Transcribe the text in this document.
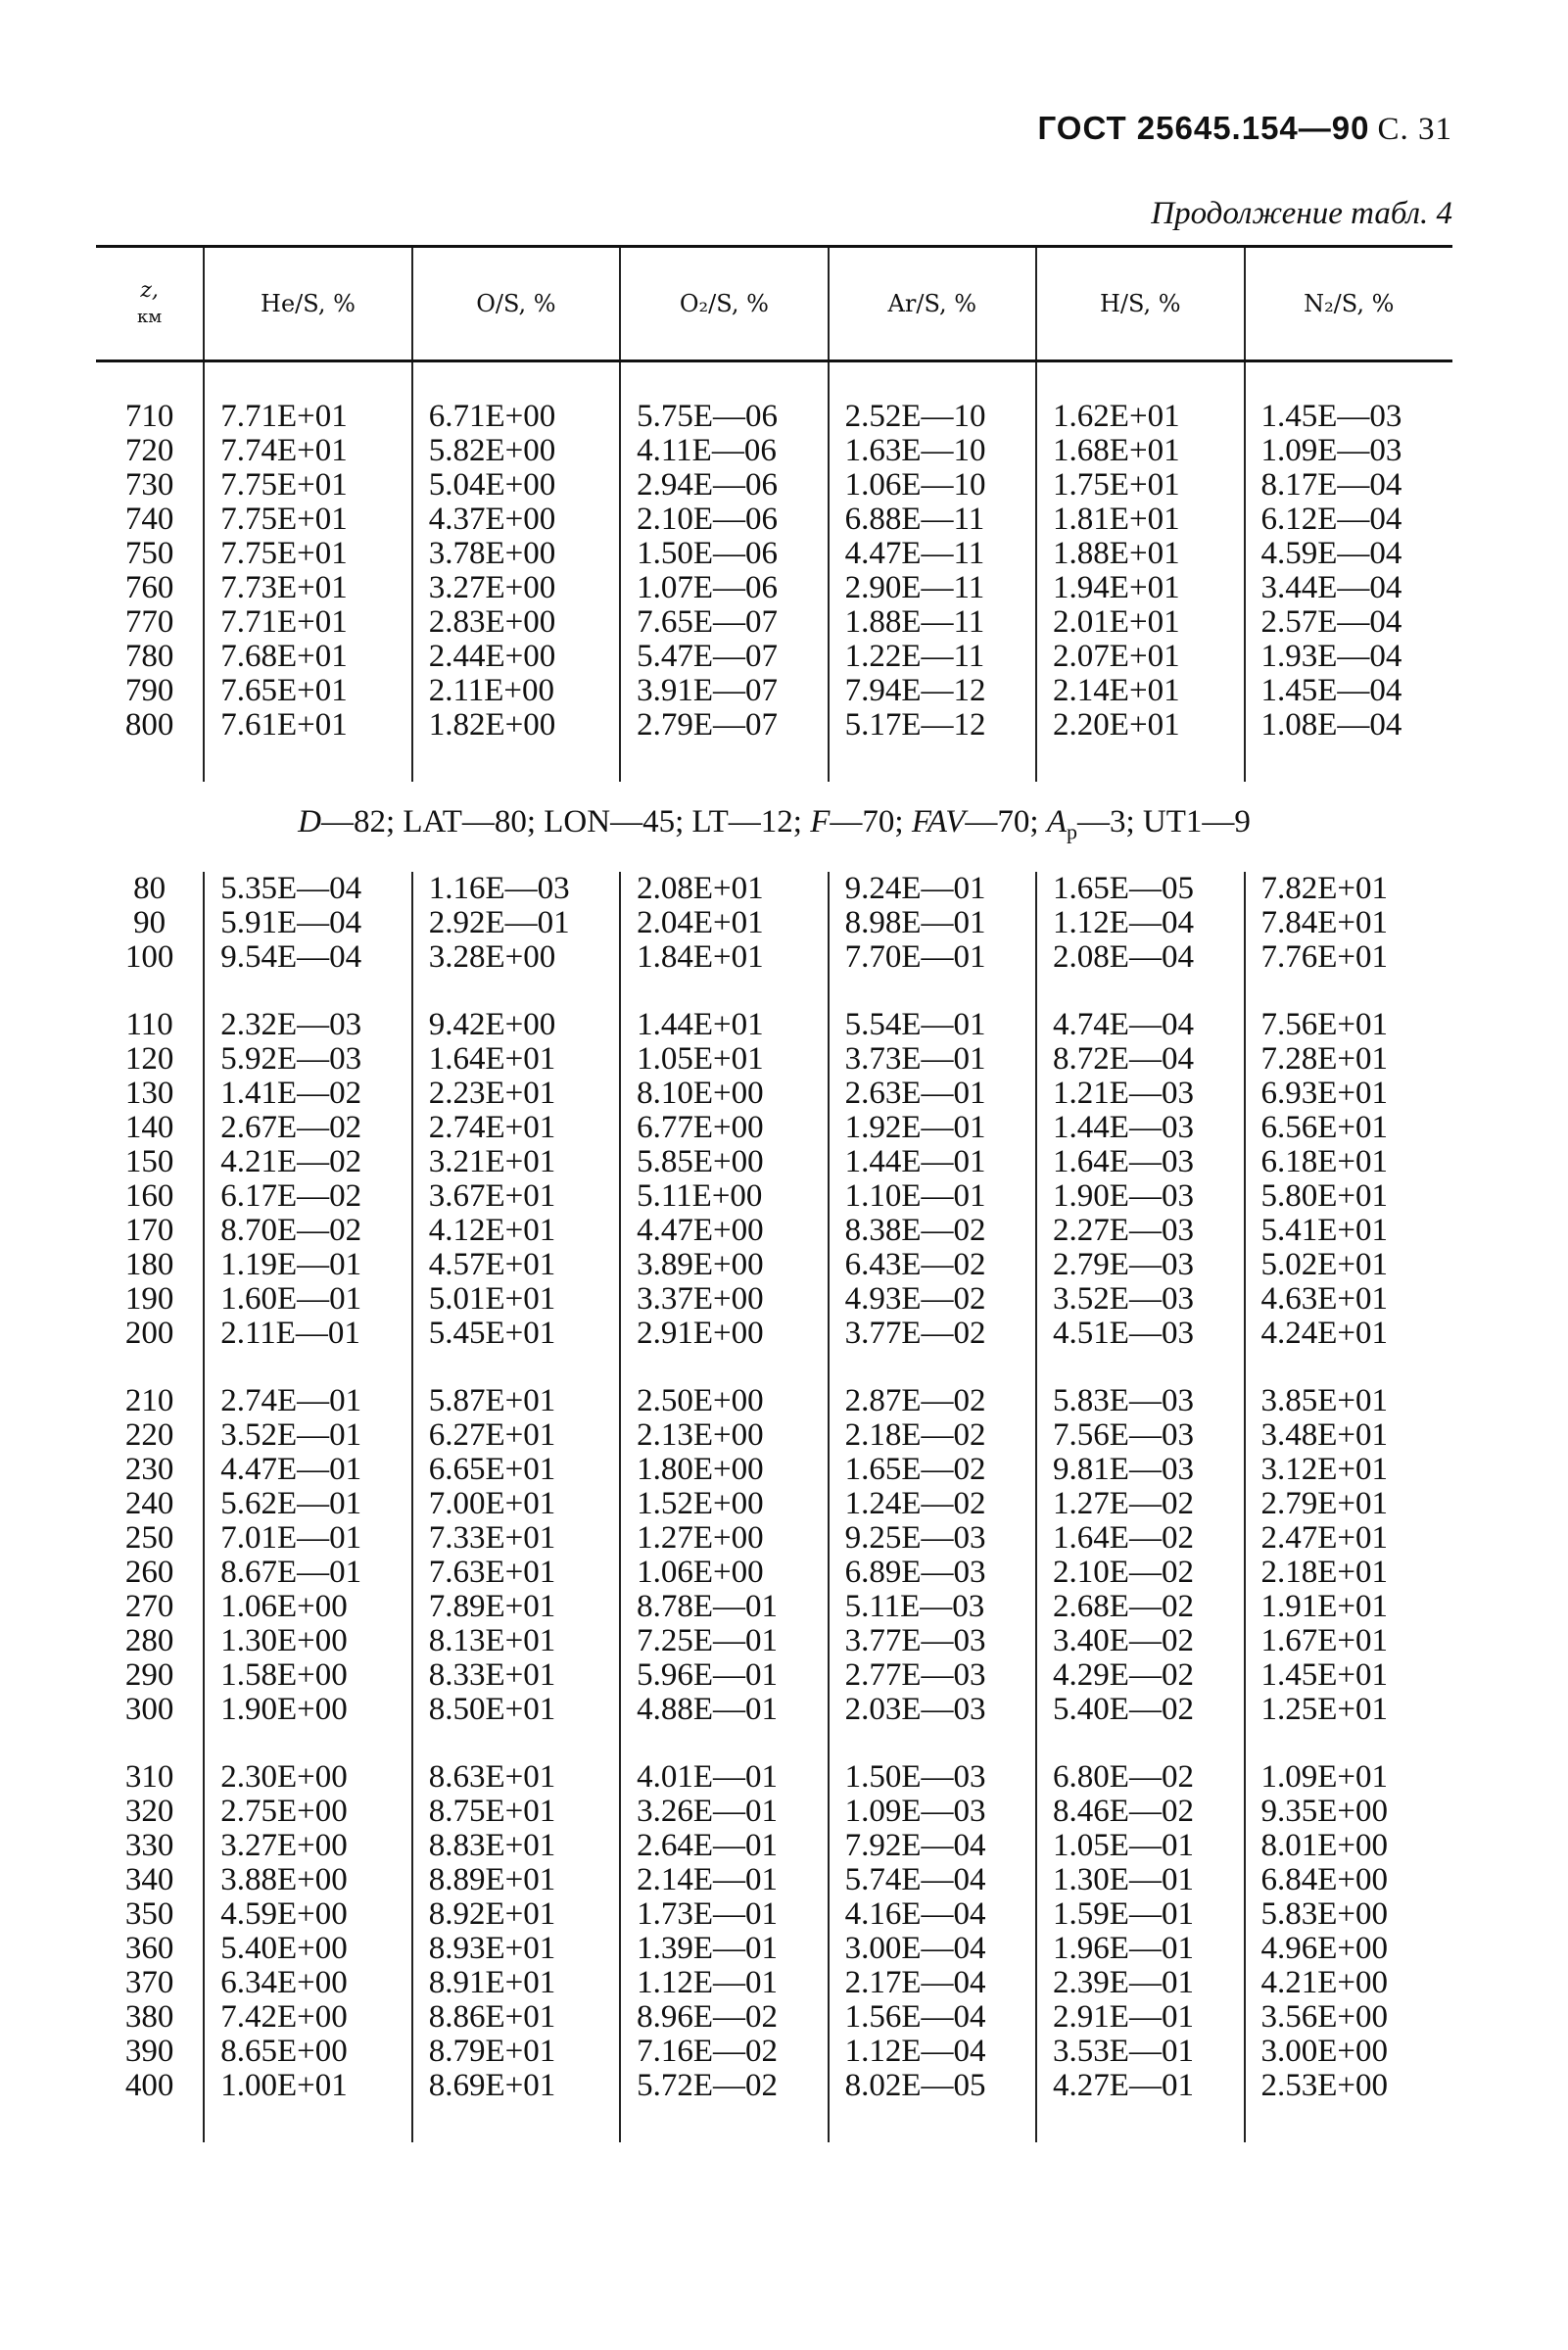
ГОСТ 25645.154—90 С. 31
Продолжение табл. 4
z,
км	He/S, %	O/S, %	O₂/S, %	Ar/S, %	H/S, %	N₂/S, %

710	7.71E+01	6.71E+00	5.75E—06	2.52E—10	1.62E+01	1.45E—03
720	7.74E+01	5.82E+00	4.11E—06	1.63E—10	1.68E+01	1.09E—03
730	7.75E+01	5.04E+00	2.94E—06	1.06E—10	1.75E+01	8.17E—04
740	7.75E+01	4.37E+00	2.10E—06	6.88E—11	1.81E+01	6.12E—04
750	7.75E+01	3.78E+00	1.50E—06	4.47E—11	1.88E+01	4.59E—04
760	7.73E+01	3.27E+00	1.07E—06	2.90E—11	1.94E+01	3.44E—04
770	7.71E+01	2.83E+00	7.65E—07	1.88E—11	2.01E+01	2.57E—04
780	7.68E+01	2.44E+00	5.47E—07	1.22E—11	2.07E+01	1.93E—04
790	7.65E+01	2.11E+00	3.91E—07	7.94E—12	2.14E+01	1.45E—04
800	7.61E+01	1.82E+00	2.79E—07	5.17E—12	2.20E+01	1.08E—04

D—82; LAT—80; LON—45; LT—12; F—70; FAV—70; $A_p—3$; UT1—9						
80	5.35E—04	1.16E—03	2.08E+01	9.24E—01	1.65E—05	7.82E+01
90	5.91E—04	2.92E—01	2.04E+01	8.98E—01	1.12E—04	7.84E+01
100	9.54E—04	3.28E+00	1.84E+01	7.70E—01	2.08E—04	7.76E+01

110	2.32E—03	9.42E+00	1.44E+01	5.54E—01	4.74E—04	7.56E+01
120	5.92E—03	1.64E+01	1.05E+01	3.73E—01	8.72E—04	7.28E+01
130	1.41E—02	2.23E+01	8.10E+00	2.63E—01	1.21E—03	6.93E+01
140	2.67E—02	2.74E+01	6.77E+00	1.92E—01	1.44E—03	6.56E+01
150	4.21E—02	3.21E+01	5.85E+00	1.44E—01	1.64E—03	6.18E+01
160	6.17E—02	3.67E+01	5.11E+00	1.10E—01	1.90E—03	5.80E+01
170	8.70E—02	4.12E+01	4.47E+00	8.38E—02	2.27E—03	5.41E+01
180	1.19E—01	4.57E+01	3.89E+00	6.43E—02	2.79E—03	5.02E+01
190	1.60E—01	5.01E+01	3.37E+00	4.93E—02	3.52E—03	4.63E+01
200	2.11E—01	5.45E+01	2.91E+00	3.77E—02	4.51E—03	4.24E+01

210	2.74E—01	5.87E+01	2.50E+00	2.87E—02	5.83E—03	3.85E+01
220	3.52E—01	6.27E+01	2.13E+00	2.18E—02	7.56E—03	3.48E+01
230	4.47E—01	6.65E+01	1.80E+00	1.65E—02	9.81E—03	3.12E+01
240	5.62E—01	7.00E+01	1.52E+00	1.24E—02	1.27E—02	2.79E+01
250	7.01E—01	7.33E+01	1.27E+00	9.25E—03	1.64E—02	2.47E+01
260	8.67E—01	7.63E+01	1.06E+00	6.89E—03	2.10E—02	2.18E+01
270	1.06E+00	7.89E+01	8.78E—01	5.11E—03	2.68E—02	1.91E+01
280	1.30E+00	8.13E+01	7.25E—01	3.77E—03	3.40E—02	1.67E+01
290	1.58E+00	8.33E+01	5.96E—01	2.77E—03	4.29E—02	1.45E+01
300	1.90E+00	8.50E+01	4.88E—01	2.03E—03	5.40E—02	1.25E+01

310	2.30E+00	8.63E+01	4.01E—01	1.50E—03	6.80E—02	1.09E+01
320	2.75E+00	8.75E+01	3.26E—01	1.09E—03	8.46E—02	9.35E+00
330	3.27E+00	8.83E+01	2.64E—01	7.92E—04	1.05E—01	8.01E+00
340	3.88E+00	8.89E+01	2.14E—01	5.74E—04	1.30E—01	6.84E+00
350	4.59E+00	8.92E+01	1.73E—01	4.16E—04	1.59E—01	5.83E+00
360	5.40E+00	8.93E+01	1.39E—01	3.00E—04	1.96E—01	4.96E+00
370	6.34E+00	8.91E+01	1.12E—01	2.17E—04	2.39E—01	4.21E+00
380	7.42E+00	8.86E+01	8.96E—02	1.56E—04	2.91E—01	3.56E+00
390	8.65E+00	8.79E+01	7.16E—02	1.12E—04	3.53E—01	3.00E+00
400	1.00E+01	8.69E+01	5.72E—02	8.02E—05	4.27E—01	2.53E+00
